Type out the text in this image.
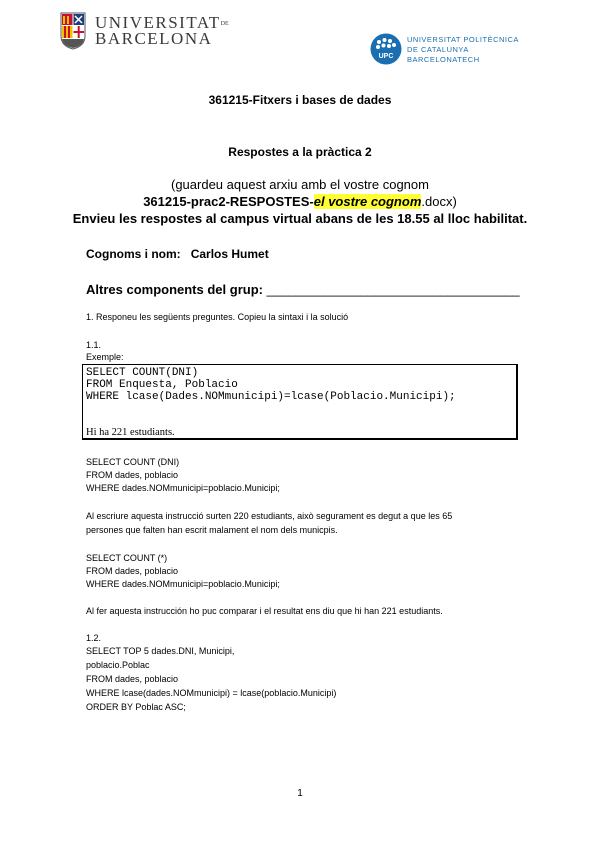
UNIVERSITATDE
BARCELONA
UPC
UNIVERSITAT POLITÈCNICA
DE CATALUNYA
BARCELONATECH
361215-Fitxers i bases de dades
Respostes a la pràctica 2
(guardeu aquest arxiu amb el vostre cognom
361215-prac2-RESPOSTES-el vostre cognom.docx)
Envieu les respostes al campus virtual abans de les 18.55 al lloc habilitat.
Cognoms i nom: Carlos Humet
Altres components del grup: ___________________________________
1. Responeu les següents preguntes. Copieu la sintaxi i la solució
1.1.
Exemple:
SELECT COUNT(DNI)
FROM Enquesta, Poblacio
WHERE lcase(Dades.NOMmunicipi)=lcase(Poblacio.Municipi);
Hi ha 221 estudiants.
SELECT COUNT (DNI)
FROM dades, poblacio
WHERE dades.NOMmunicipi=poblacio.Municipi;
Al escriure aquesta instrucció surten 220 estudiants, això segurament es degut a que les 65
persones que falten han escrit malament el nom dels municpis.
SELECT COUNT (*)
FROM dades, poblacio
WHERE dades.NOMmunicipi=poblacio.Municipi;
Al fer aquesta instrucción ho puc comparar i el resultat ens diu que hi han 221 estudiants.
1.2.
SELECT TOP 5 dades.DNI, Municipi,
poblacio.Poblac
FROM dades, poblacio
WHERE lcase(dades.NOMmunicipi) = lcase(poblacio.Municipi)
ORDER BY Poblac ASC;
1
